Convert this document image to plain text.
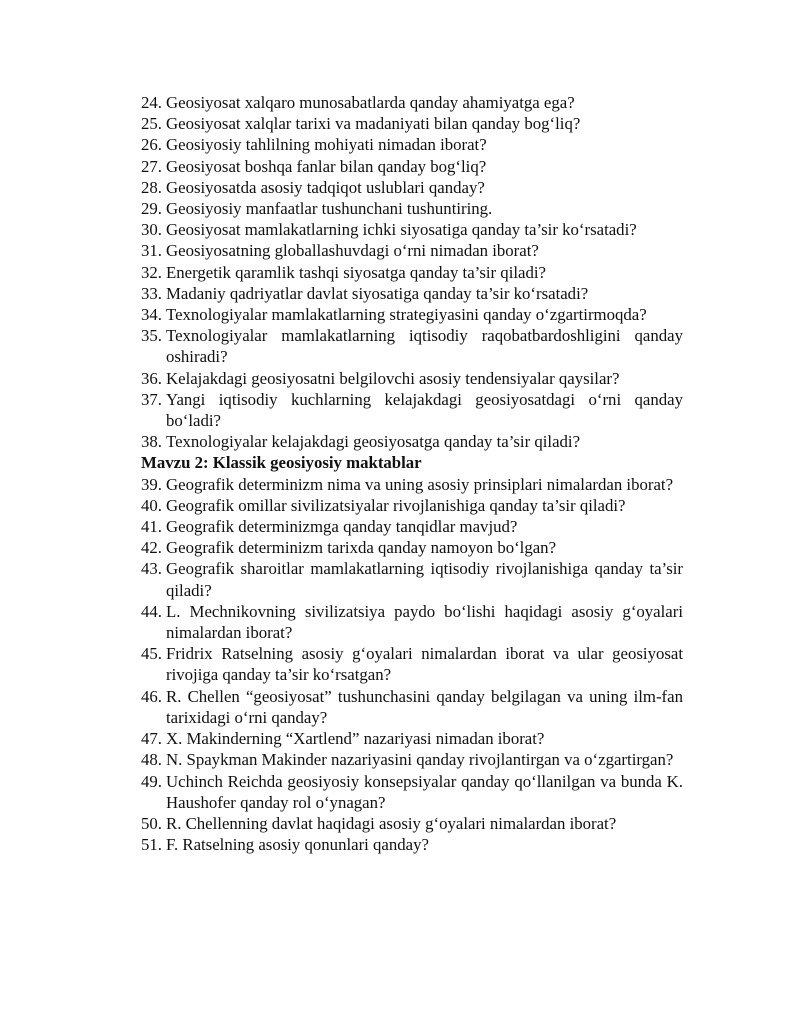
24. Geosiyosat xalqaro munosabatlarda qanday ahamiyatga ega?
25. Geosiyosat xalqlar tarixi va madaniyati bilan qanday bog‘liq?
26. Geosiyosiy tahlilning mohiyati nimadan iborat?
27. Geosiyosat boshqa fanlar bilan qanday bog‘liq?
28. Geosiyosatda asosiy tadqiqot uslublari qanday?
29. Geosiyosiy manfaatlar tushunchani tushuntiring.
30. Geosiyosat mamlakatlarning ichki siyosatiga qanday ta’sir ko‘rsatadi?
31. Geosiyosatning globallashuvdagi o‘rni nimadan iborat?
32. Energetik qaramlik tashqi siyosatga qanday ta’sir qiladi?
33. Madaniy qadriyatlar davlat siyosatiga qanday ta’sir ko‘rsatadi?
34. Texnologiyalar mamlakatlarning strategiyasini qanday o‘zgartirmoqda?
35. Texnologiyalar mamlakatlarning iqtisodiy raqobatbardoshligini qanday oshiradi?
36. Kelajakdagi geosiyosatni belgilovchi asosiy tendensiyalar qaysilar?
37. Yangi iqtisodiy kuchlarning kelajakdagi geosiyosatdagi o‘rni qanday bo‘ladi?
38. Texnologiyalar kelajakdagi geosiyosatga qanday ta’sir qiladi?
Mavzu 2: Klassik geosiyosiy maktablar
39. Geografik determinizm nima va uning asosiy prinsiplari nimalardan iborat?
40. Geografik omillar sivilizatsiyalar rivojlanishiga qanday ta’sir qiladi?
41. Geografik determinizmga qanday tanqidlar mavjud?
42. Geografik determinizm tarixda qanday namoyon bo‘lgan?
43. Geografik sharoitlar mamlakatlarning iqtisodiy rivojlanishiga qanday ta’sir qiladi?
44. L. Mechnikovning sivilizatsiya paydo bo‘lishi haqidagi asosiy g‘oyalari nimalardan iborat?
45. Fridrix Ratselning asosiy g‘oyalari nimalardan iborat va ular geosiyosat rivojiga qanday ta’sir ko‘rsatgan?
46. R. Chellen “geosiyosat” tushunchasini qanday belgilagan va uning ilm-fan tarixidagi o‘rni qanday?
47. X. Makinderning “Xartlend” nazariyasi nimadan iborat?
48. N. Spaykman Makinder nazariyasini qanday rivojlantirgan va o‘zgartirgan?
49. Uchinch Reichda geosiyosiy konsepsiyalar qanday qo‘llanilgan va bunda K. Haushofer qanday rol o‘ynagan?
50. R. Chellenning davlat haqidagi asosiy g‘oyalari nimalardan iborat?
51. F. Ratselning asosiy qonunlari qanday?
